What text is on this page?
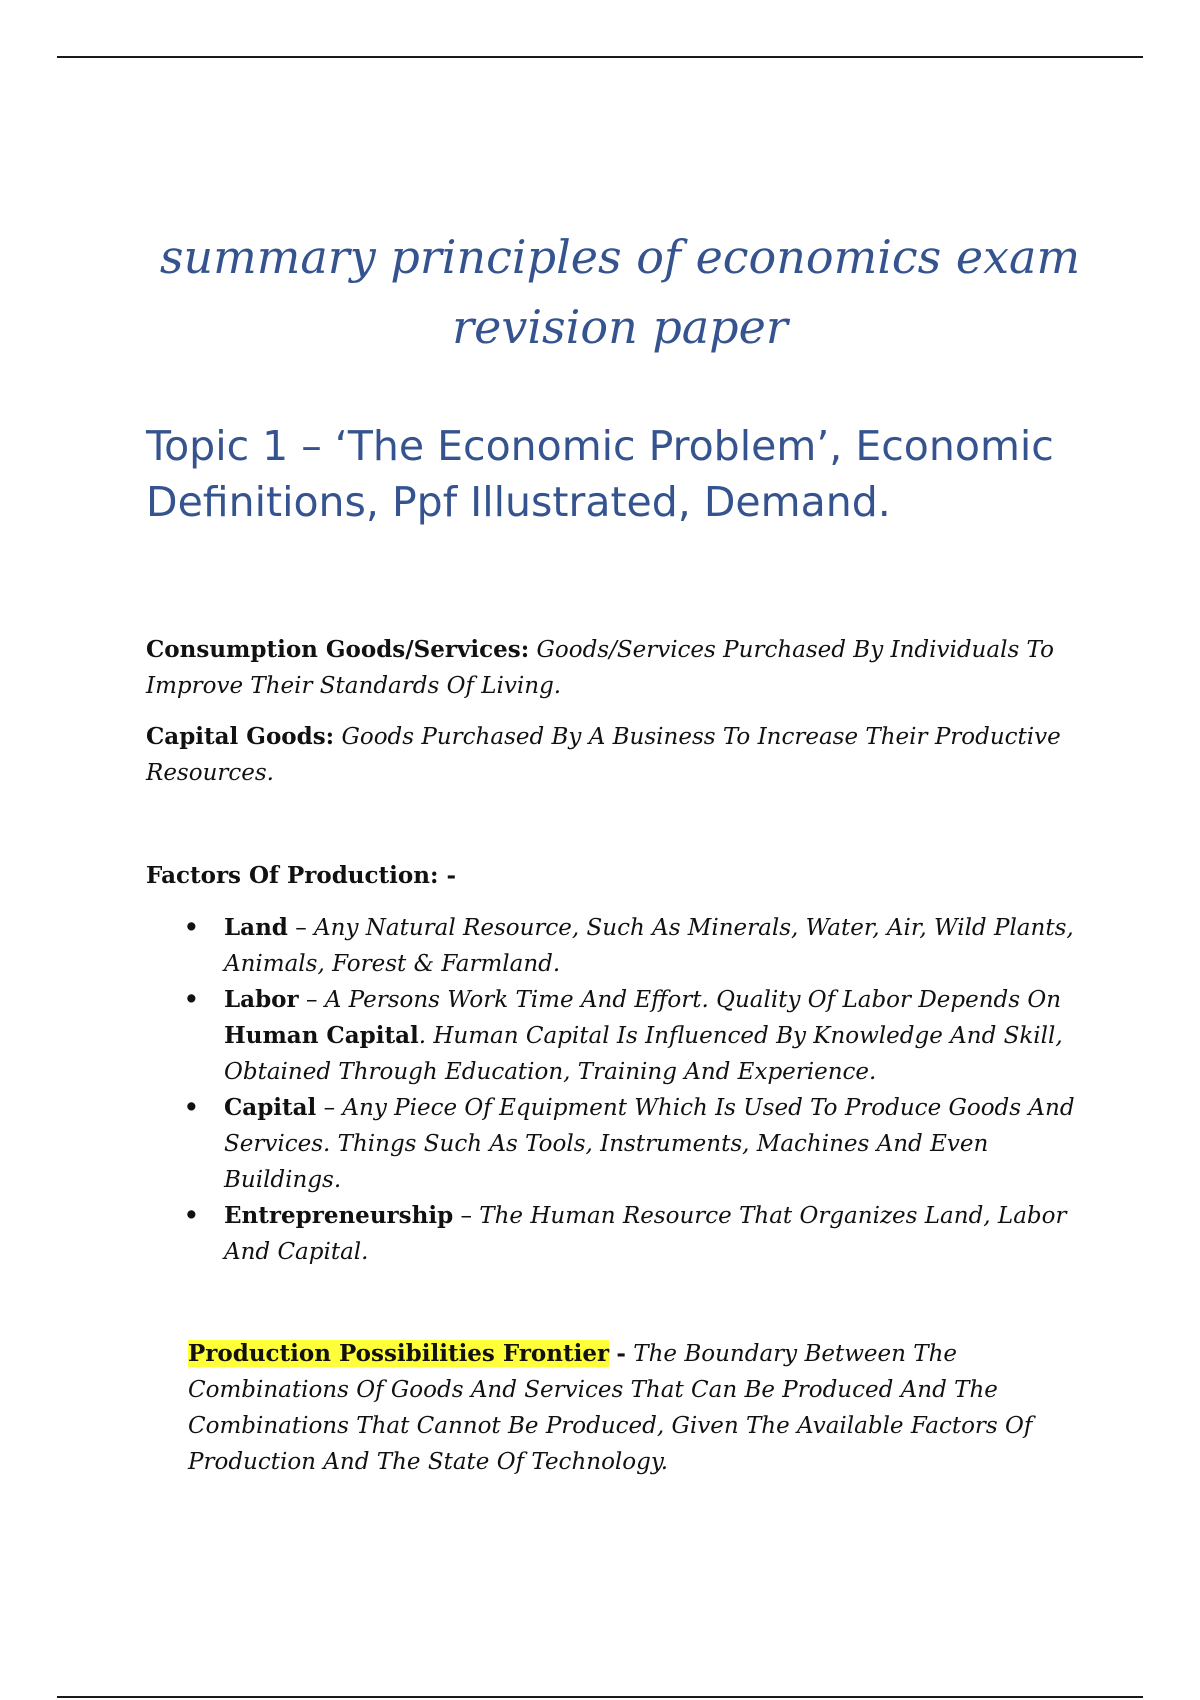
summary principles of economics exam revision paper
Topic 1 – ‘The Economic Problem’, Economic Definitions, Ppf Illustrated, Demand.

Consumption Goods/Services: Goods/Services Purchased By Individuals To Improve Their Standards Of Living.

Capital Goods: Goods Purchased By A Business To Increase Their Productive Resources.

Factors Of Production: -

• Land – Any Natural Resource, Such As Minerals, Water, Air, Wild Plants, Animals, Forest & Farmland.
• Labor – A Persons Work Time And Effort. Quality Of Labor Depends On Human Capital. Human Capital Is Influenced By Knowledge And Skill, Obtained Through Education, Training And Experience.
• Capital – Any Piece Of Equipment Which Is Used To Produce Goods And Services. Things Such As Tools, Instruments, Machines And Even Buildings.
• Entrepreneurship – The Human Resource That Organizes Land, Labor And Capital.

Production Possibilities Frontier - The Boundary Between The Combinations Of Goods And Services That Can Be Produced And The Combinations That Cannot Be Produced, Given The Available Factors Of Production And The State Of Technology.
